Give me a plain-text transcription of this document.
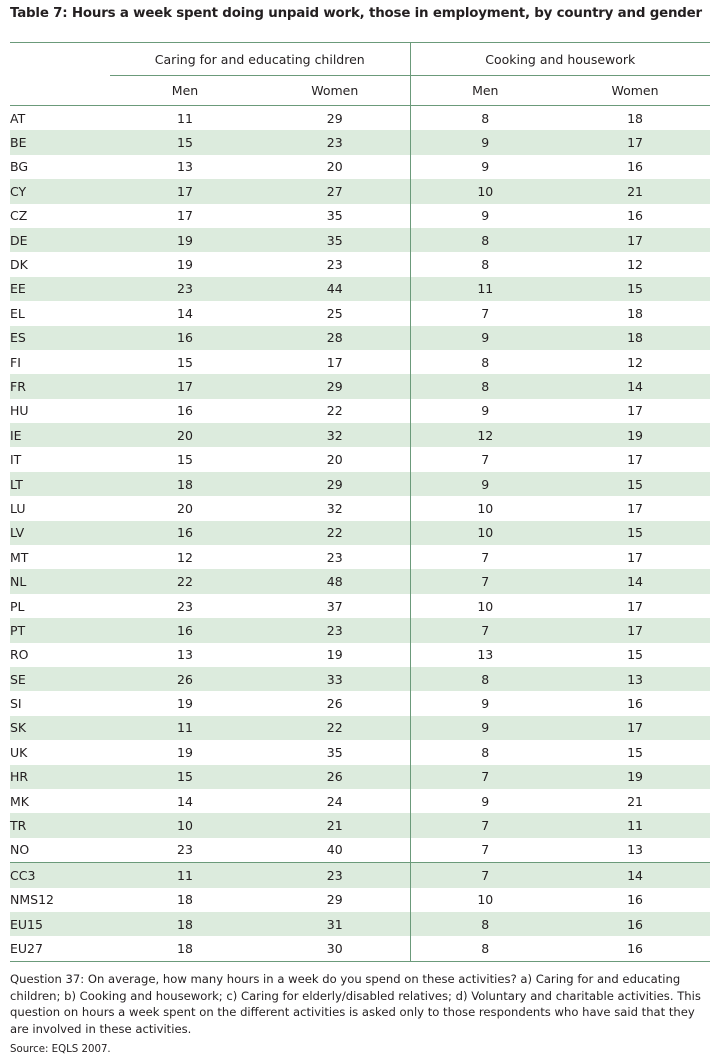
Table 7: Hours a week spent doing unpaid work, those in employment, by country and gender
	Caring for and educating children		Cooking and housework	
	Men	Women	Men	Women
AT	11	29	8	18
BE	15	23	9	17
BG	13	20	9	16
CY	17	27	10	21
CZ	17	35	9	16
DE	19	35	8	17
DK	19	23	8	12
EE	23	44	11	15
EL	14	25	7	18
ES	16	28	9	18
FI	15	17	8	12
FR	17	29	8	14
HU	16	22	9	17
IE	20	32	12	19
IT	15	20	7	17
LT	18	29	9	15
LU	20	32	10	17
LV	16	22	10	15
MT	12	23	7	17
NL	22	48	7	14
PL	23	37	10	17
PT	16	23	7	17
RO	13	19	13	15
SE	26	33	8	13
SI	19	26	9	16
SK	11	22	9	17
UK	19	35	8	15
HR	15	26	7	19
MK	14	24	9	21
TR	10	21	7	11
NO	23	40	7	13
CC3	11	23	7	14
NMS12	18	29	10	16
EU15	18	31	8	16
EU27	18	30	8	16
Question 37: On average, how many hours in a week do you spend on these activities? a) Caring for and educating children; b) Cooking and housework; c) Caring for elderly/disabled relatives; d) Voluntary and charitable activities. This question on hours a week spent on the different activities is asked only to those respondents who have said that they are involved in these activities.
Source: EQLS 2007.
